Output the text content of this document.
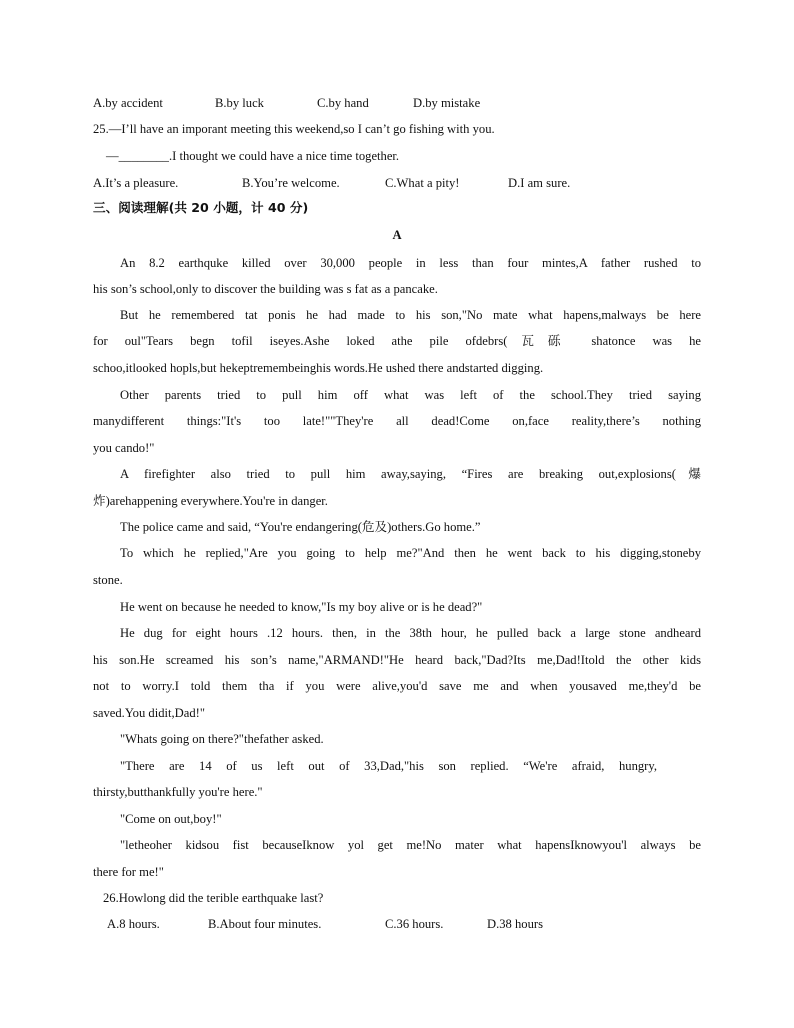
A.by accident	B.by luck	C.by hand	D.by mistake
25.—I’ll have an imporant meeting this weekend,so I can’t go fishing with you.
—________.I thought we could have a nice time together.
A.It’s a pleasure.	B.You’re welcome.	C.What a pity!	D.I am sure.
三、阅读理解(共 20 小题，计 40 分)
A
An 8.2 earthquke killed over 30,000 people in less than four mintes,A father rushed to
his son’s school,only to discover the building was s fat as a pancake.
But he remembered tat ponis he had made to his son,"No mate what hapens,malways be here
for oul"Tears begn tofil iseyes.Ashe loked athe pile ofdebrs(瓦砾 shatonce was he
schoo,itlooked hopls,but hekeptremembeinghis words.He ushed there andstarted digging.
Other parents tried to pull him off what was left of the school.They tried saying
manydifferent things:"It's too late!""They're all dead!Come on,face reality,there’s nothing
you cando!"
A firefighter also tried to pull him away,saying, “Fires are breaking out,explosions(爆
炸)arehappening everywhere.You're in danger.
The police came and said, “You're endangering(危及)others.Go home.”
To which he replied,"Are you going to help me?"And then he went back to his digging,stoneby
stone.
He went on because he needed to know,"Is my boy alive or is he dead?"
He dug for eight hours .12 hours. then, in the 38th hour, he pulled back a large stone andheard
his son.He screamed his son’s name,"ARMAND!"He heard back,"Dad?Its me,Dad!Itold the other kids
not to worry.I told them tha if you were alive,you'd save me and when yousaved me,they'd be
saved.You didit,Dad!"
"Whats going on there?"thefather asked.
"There are 14 of us left out of 33,Dad,"his son replied. “We're afraid, hungry,
thirsty,butthankfully you're here."
"Come on out,boy!"
"letheoher kidsou fist becauseIknow yol get me!No mater what hapensIknowyou'l always be
there for me!"
26.Howlong did the terible earthquake last?
A.8 hours.	B.About four minutes.	C.36 hours.	D.38 hours
